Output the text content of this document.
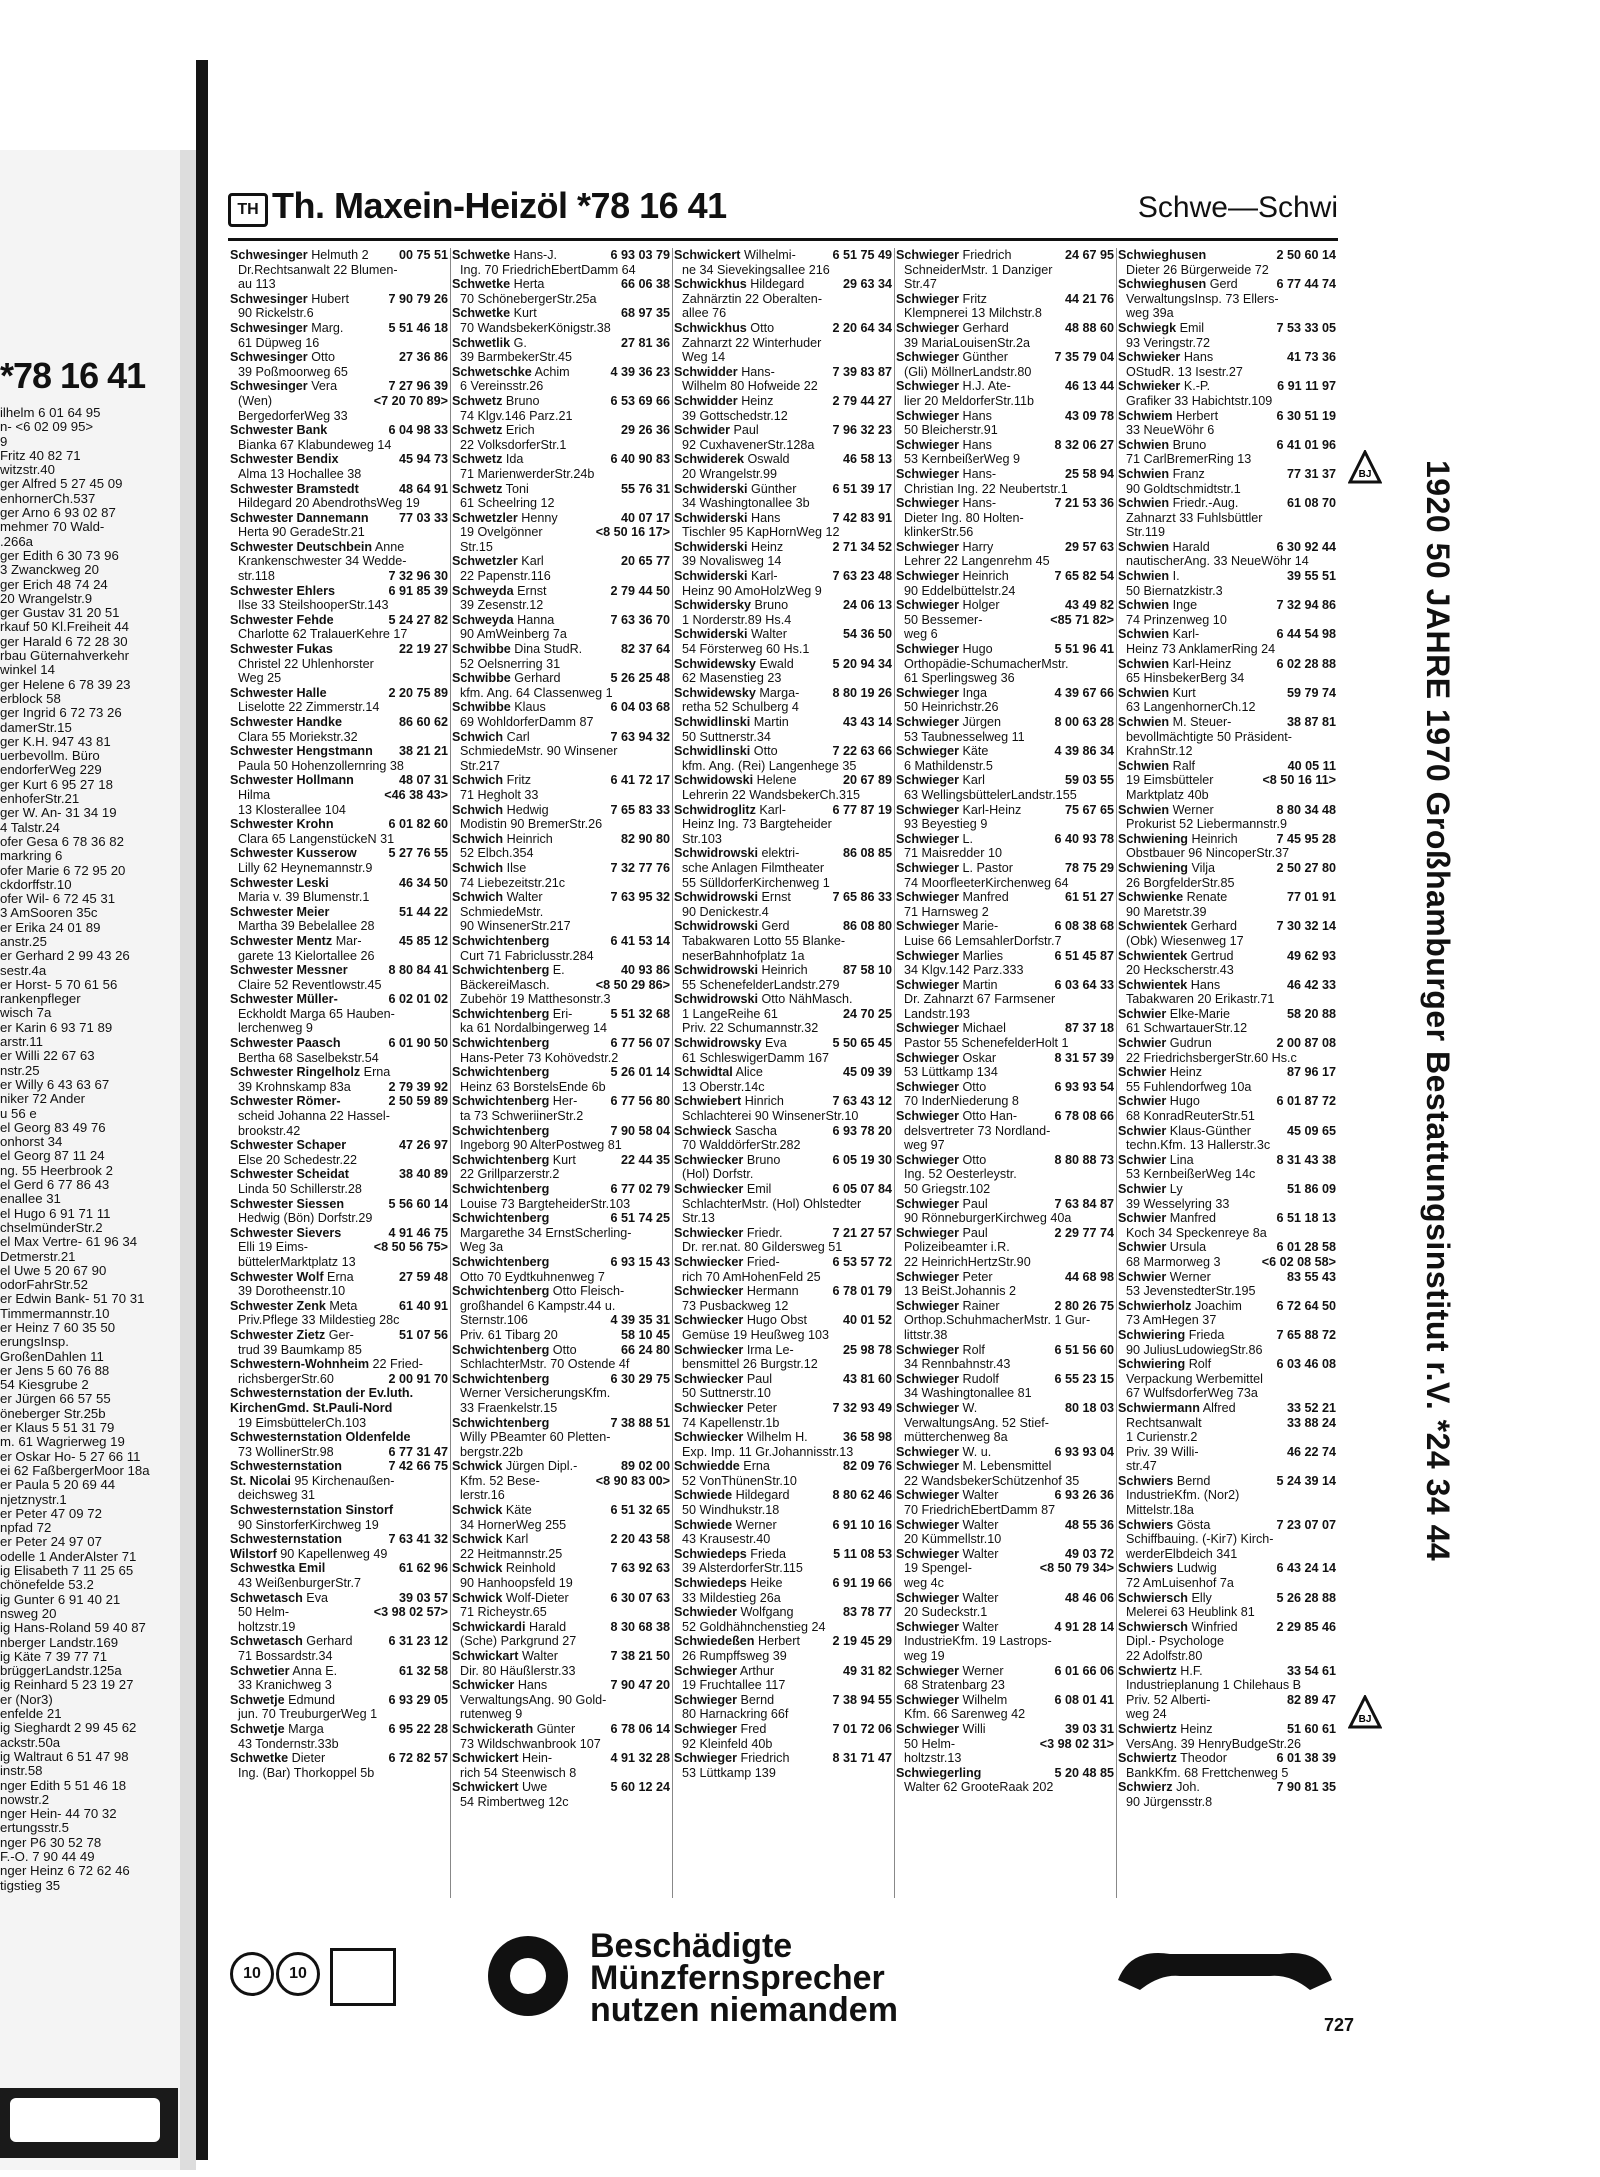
*78 16 41
ilhelm 6 01 64 95
n- <6 02 09 95>
9
Fritz 40 82 71
witzstr.40
ger Alfred 5 27 45 09
enhornerCh.537
ger Arno 6 93 02 87
mehmer 70 Wald-
.266a
ger Edith 6 30 73 96
3 Zwanckweg 20
ger Erich 48 74 24
20 Wrangelstr.9
ger Gustav 31 20 51
rkauf 50 Kl.Freiheit 44
ger Harald 6 72 28 30
rbau Güternahverkehr
winkel 14
ger Helene 6 78 39 23
erblock 58
ger Ingrid 6 72 73 26
damerStr.15
ger K.H. 947 43 81
uerbevollm. Büro
endorferWeg 229
ger Kurt 6 95 27 18
enhoferStr.21
ger W. An- 31 34 19
4 Talstr.24
ofer Gesa 6 78 36 82
markring 6
ofer Marie 6 72 95 20
ckdorffstr.10
ofer Wil- 6 72 45 31
3 AmSooren 35c
er Erika 24 01 89
anstr.25
er Gerhard 2 99 43 26
sestr.4a
er Horst- 5 70 61 56
rankenpfleger
wisch 7a
er Karin 6 93 71 89
arstr.11
er Willi 22 67 63
nstr.25
er Willy 6 43 63 67
niker 72 Ander
u 56 e
el Georg 83 49 76
onhorst 34
el Georg 87 11 24
ng. 55 Heerbrook 2
el Gerd 6 77 86 43
enallee 31
el Hugo 6 91 71 11
chselmünderStr.2
el Max Vertre- 61 96 34
Detmerstr.21
el Uwe 5 20 67 90
odorFahrStr.52
er Edwin Bank- 51 70 31
Timmermannstr.10
er Heinz 7 60 35 50
erungsInsp.
GroßenDahlen 11
er Jens 5 60 76 88
54 Kiesgrube 2
er Jürgen 66 57 55
öneberger Str.25b
er Klaus 5 51 31 79
m. 61 Wagrierweg 19
er Oskar Ho- 5 27 66 11
ei 62 FaßbergerMoor 18a
er Paula 5 20 69 44
njetznystr.1
er Peter 47 09 72
npfad 72
er Peter 24 97 07
odelle 1 AnderAlster 71
ig Elisabeth 7 11 25 65
chönefelde 53.2
ig Gunter 6 91 40 21
nsweg 20
ig Hans-Roland 59 40 87
nberger Landstr.169
ig Käte 7 39 77 71
brüggerLandstr.125a
ig Reinhard 5 23 19 27
er (Nor3)
enfelde 21
ig Sieghardt 2 99 45 62
ackstr.50a
ig Waltraut 6 51 47 98
instr.58
nger Edith 5 51 46 18
nowstr.2
nger Hein- 44 70 32
ertungsstr.5
nger P6 30 52 78
F.-O. 7 90 44 49
nger Heinz 6 72 62 46
tigstieg 35
TH Th. Maxein-Heizöl *78 16 41	Schwe—Schwi
Schwesinger Helmuth 2 00 75 51
Dr.Rechtsanwalt 22 Blumen-
au 113
Schwesinger Hubert	7 90 79 26
90 Rickelstr.6
Schwesinger Marg.	5 51 46 18
61 Düpweg 16
Schwesinger Otto	27 36 86
39 Poßmoorweg 65
Schwesinger Vera	7 27 96 39
(Wen)	<7 20 70 89>
BergedorferWeg 33
Schwester Bank	6 04 98 33
Bianka 67 Klabundeweg 14
Schwester Bendix	45 94 73
Alma 13 Hochallee 38
Schwester Bramstedt	48 64 91
Hildegard 20 AbendrothsWeg 19
Schwester Dannemann 77 03 33
Herta 90 GeradeStr.21
Schwester Deutschbein Anne
Krankenschwester 34 Wedde-
str.118	7 32 96 30
Schwester Ehlers	6 91 85 39
Ilse 33 SteilshooperStr.143
Schwester Fehde	5 24 27 82
Charlotte 62 TralauerKehre 17
Schwester Fukas	22 19 27
Christel 22 Uhlenhorster
Weg 25
Schwester Halle	2 20 75 89
Liselotte 22 Zimmerstr.14
Schwester Handke	86 60 62
Clara 55 Moriekstr.32
Schwester Hengstmann 38 21 21
Paula 50 Hohenzollernring 38
Schwester Hollmann	48 07 31
Hilma	<46 38 43>
13 Klosterallee 104
Schwester Krohn	6 01 82 60
Clara 65 LangenstückeN 31
Schwester Kusserow	5 27 76 55
Lilly 62 Heynemannstr.9
Schwester Leski	46 34 50
Maria v. 39 Blumenstr.1
Schwester Meier	51 44 22
Martha 39 Bebelallee 28
Schwester Mentz Mar-	45 85 12
garete 13 Kielortallee 26
Schwester Messner	8 80 84 41
Claire 52 Reventlowstr.45
Schwester Müller-	6 02 01 02
Eckholdt Marga 65 Hauben-
lerchenweg 9
Schwester Paasch	6 01 90 50
Bertha 68 Saselbekstr.54
Schwester Ringelholz Erna
39 Krohnskamp 83a	2 79 39 92
Schwester Römer-	2 50 59 89
scheid Johanna 22 Hassel-
brookstr.42
Schwester Schaper	47 26 97
Else 20 Schedestr.22
Schwester Scheidat	38 40 89
Linda 50 Schillerstr.28
Schwester Siessen	5 56 60 14
Hedwig (Bön) Dorfstr.29
Schwester Sievers	4 91 46 75
Elli 19 Eims-	<8 50 56 75>
büttelerMarktplatz 13
Schwester Wolf Erna	27 59 48
39 Dorotheenstr.10
Schwester Zenk Meta	61 40 91
Priv.Pflege 33 Mildestieg 28c
Schwester Zietz Ger-	51 07 56
trud 39 Baumkamp 85
Schwestern-Wohnheim 22 Fried-
richsbergerStr.60	2 00 91 70
Schwesternstation der Ev.luth.
KirchenGmd. St.Pauli-Nord
19 EimsbüttelerCh.103
Schwesternstation Oldenfelde
73 WollinerStr.98	6 77 31 47
Schwesternstation	7 42 66 75
St. Nicolai 95 Kirchenaußen-
deichsweg 31
Schwesternstation Sinstorf
90 SinstorferKirchweg 19
Schwesternstation	7 63 41 32
Wilstorf 90 Kapellenweg 49
Schwestka Emil	61 62 96
43 WeißenburgerStr.7
Schwetasch Eva	39 03 57
50 Helm-	<3 98 02 57>
holtzstr.19
Schwetasch Gerhard	6 31 23 12
71 Bossardstr.34
Schwetier Anna E.	61 32 58
33 Kranichweg 3
Schwetje Edmund	6 93 29 05
jun. 70 TreuburgerWeg 1
Schwetje Marga	6 95 22 28
43 Tondernstr.33b
Schwetke Dieter	6 72 82 57
Ing. (Bar) Thorkoppel 5b
Schwetke Hans-J.	6 93 03 79
Ing. 70 FriedrichEbertDamm 64
Schwetke Herta	66 06 38
70 SchönebergerStr.25a
Schwetke Kurt	68 97 35
70 WandsbekerKönigstr.38
Schwetlik G.	27 81 36
39 BarmbekerStr.45
Schwetschke Achim	4 39 36 23
6 Vereinsstr.26
Schwetz Bruno	6 53 69 66
74 Klgv.146 Parz.21
Schwetz Erich	29 26 36
22 VolksdorferStr.1
Schwetz Ida	6 40 90 83
71 MarienwerderStr.24b
Schwetz Toni	55 76 31
61 Scheelring 12
Schwetzler Henny	40 07 17
19 Ovelgönner	<8 50 16 17>
Str.15
Schwetzler Karl	20 65 77
22 Papenstr.116
Schweyda Ernst	2 79 44 50
39 Zesenstr.12
Schweyda Hanna	7 63 36 70
90 AmWeinberg 7a
Schwibbe Dina StudR.	82 37 64
52 Oelsnerring 31
Schwibbe Gerhard	5 26 25 48
kfm. Ang. 64 Classenweg 1
Schwibbe Klaus	6 04 03 68
69 WohldorferDamm 87
Schwich Carl	7 63 94 32
SchmiedeMstr. 90 Winsener
Str.217
Schwich Fritz	6 41 72 17
71 Hegholt 33
Schwich Hedwig	7 65 83 33
Modistin 90 BremerStr.26
Schwich Heinrich	82 90 80
52 Elbch.354
Schwich Ilse	7 32 77 76
74 Liebezeitstr.21c
Schwich Walter	7 63 95 32
SchmiedeMstr.
90 WinsenerStr.217
Schwichtenberg	6 41 53 14
Curt 71 Fabriclusstr.284
Schwichtenberg E.	40 93 86
BäckereiMasch.	<8 50 29 86>
Zubehör 19 Matthesonstr.3
Schwichtenberg Eri-	5 51 32 68
ka 61 Nordalbingerweg 14
Schwichtenberg	6 77 56 07
Hans-Peter 73 Kohövedstr.2
Schwichtenberg	5 26 01 14
Heinz 63 BorstelsEnde 6b
Schwichtenberg Her-	6 77 56 80
ta 73 SchweriinerStr.2
Schwichtenberg	7 90 58 04
Ingeborg 90 AlterPostweg 81
Schwichtenberg Kurt	22 44 35
22 Grillparzerstr.2
Schwichtenberg	6 77 02 79
Louise 73 BargteheiderStr.103
Schwichtenberg	6 51 74 25
Margarethe 34 ErnstScherling-
Weg 3a
Schwichtenberg	6 93 15 43
Otto 70 Eydtkuhnenweg 7
Schwichtenberg Otto Fleisch-
großhandel 6 Kampstr.44 u.
Sternstr.106	4 39 35 31
Priv. 61 Tibarg 20	58 10 45
Schwichtenberg Otto	66 24 80
SchlachterMstr. 70 Ostende 4f
Schwichtenberg	6 30 29 75
Werner VersicherungsKfm.
33 Fraenkelstr.15
Schwichtenberg	7 38 88 51
Willy PBeamter 60 Pletten-
bergstr.22b
Schwick Jürgen Dipl.-	89 02 00
Kfm. 52 Bese-	<8 90 83 00>
lerstr.16
Schwick Käte	6 51 32 65
34 HornerWeg 255
Schwick Karl	2 20 43 58
22 Heitmannstr.25
Schwick Reinhold	7 63 92 63
90 Hanhoopsfeld 19
Schwick Wolf-Dieter	6 30 07 63
71 Richeystr.65
Schwickardi Harald	8 30 68 38
(Sche) Parkgrund 27
Schwickart Walter	7 38 21 50
Dir. 80 Häußlerstr.33
Schwicker Hans	7 90 47 20
VerwaltungsAng. 90 Gold-
rutenweg 9
Schwickerath Günter	6 78 06 14
73 Wildschwanbrook 107
Schwickert Hein-	4 91 32 28
rich 54 Steenwisch 8
Schwickert Uwe	5 60 12 24
54 Rimbertweg 12c
Schwickert Wilhelmi-	6 51 75 49
ne 34 SievekingsalIee 216
Schwickhus Hildegard	29 63 34
Zahnärztin 22 Oberalten-
allee 76
Schwickhus Otto	2 20 64 34
Zahnarzt 22 Winterhuder
Weg 14
Schwidder Hans-	7 39 83 87
Wilhelm 80 Hofweide 22
Schwidder Heinz	2 79 44 27
39 Gottschedstr.12
Schwider Paul	7 96 32 23
92 CuxhavenerStr.128a
Schwiderek Oswald	46 58 13
20 Wrangelstr.99
Schwiderski Günther	6 51 39 17
34 Washingtonallee 3b
Schwiderski Hans	7 42 83 91
Tischler 95 KapHornWeg 12
Schwiderski Heinz	2 71 34 52
39 Novalisweg 14
Schwiderski Karl-	7 63 23 48
Heinz 90 AmoHolzWeg 9
Schwidersky Bruno	24 06 13
1 Norderstr.89 Hs.4
Schwiderski Walter	54 36 50
54 Försterweg 60 Hs.1
Schwidewsky Ewald	5 20 94 34
62 Masenstieg 23
Schwidewsky Marga-	8 80 19 26
retha 52 Schulberg 4
Schwidlinski Martin	43 43 14
50 Suttnerstr.34
Schwidlinski Otto	7 22 63 66
kfm. Ang. (Rei) Langenhege 35
Schwidowski Helene	20 67 89
Lehrerin 22 WandsbekerCh.315
Schwidroglitz Karl-	6 77 87 19
Heinz Ing. 73 Bargteheider
Str.103
Schwidrowski elektri-	86 08 85
sche Anlagen Filmtheater
55 SülldorferKirchenweg 1
Schwidrowski Ernst	7 65 86 33
90 Denickestr.4
Schwidrowski Gerd	86 08 80
Tabakwaren Lotto 55 Blanke-
neserBahnhofplatz 1a
Schwidrowski Heinrich	87 58 10
55 SchenefelderLandstr.279
Schwidrowski Otto NähMasch.
1 LangeReihe 61	24 70 25
Priv. 22 Schumannstr.32
Schwidrowsky Eva	5 50 65 45
61 SchleswigerDamm 167
Schwidtal Alice	45 09 39
13 Oberstr.14c
Schwiebert Hinrich	7 63 43 12
Schlachterei 90 WinsenerStr.10
Schwieck Sascha	6 93 78 20
70 WalddörferStr.282
Schwiecker Bruno	6 05 19 30
(Hol) Dorfstr.
Schwiecker Emil	6 05 07 84
SchlachterMstr. (Hol) Ohlstedter
Str.13
Schwiecker Friedr.	7 21 27 57
Dr. rer.nat. 80 Gildersweg 51
Schwiecker Fried-	6 53 57 72
rich 70 AmHohenFeld 25
Schwiecker Hermann	6 78 01 79
73 Pusbackweg 12
Schwiecker Hugo Obst	40 01 52
Gemüse 19 Heußweg 103
Schwiecker Irma Le-	25 98 78
bensmittel 26 Burgstr.12
Schwiecker Paul	43 81 60
50 Suttnerstr.10
Schwiecker Peter	7 32 93 49
74 Kapellenstr.1b
Schwiecker Wilhelm H.	36 58 98
Exp. Imp. 11 Gr.Johannisstr.13
Schwiedde Erna	82 09 76
52 VonThünenStr.10
Schwiede Hildegard	8 80 62 46
50 Windhukstr.18
Schwiede Werner	6 91 10 16
43 Krausestr.40
Schwiedeps Frieda	5 11 08 53
39 AlsterdorferStr.115
Schwiedeps Heike	6 91 19 66
33 Mildestieg 26a
Schwieder Wolfgang	83 78 77
52 Goldhähnchenstieg 24
Schwiedeßen Herbert	2 19 45 29
26 Rumpffsweg 39
Schwieger Arthur	49 31 82
19 Fruchtallee 117
Schwieger Bernd	7 38 94 55
80 Harnackring 66f
Schwieger Fred	7 01 72 06
92 Kleinfeld 40b
Schwieger Friedrich	8 31 71 47
53 Lüttkamp 139
Schwieger Friedrich	24 67 95
SchneiderMstr. 1 Danziger
Str.47
Schwieger Fritz	44 21 76
Klempnerei 13 Milchstr.8
Schwieger Gerhard	48 88 60
39 MariaLouisenStr.2a
Schwieger Günther	7 35 79 04
(Gli) MöllnerLandstr.80
Schwieger H.J. Ate-	46 13 44
lier 20 MeldorferStr.11b
Schwieger Hans	43 09 78
50 Bleicherstr.91
Schwieger Hans	8 32 06 27
53 KernbeißerWeg 9
Schwieger Hans-	25 58 94
Christian Ing. 22 Neubertstr.1
Schwieger Hans-	7 21 53 36
Dieter Ing. 80 Holten-
klinkerStr.56
Schwieger Harry	29 57 63
Lehrer 22 Langenrehm 45
Schwieger Heinrich	7 65 82 54
90 Eddelbüttelstr.24
Schwieger Holger	43 49 82
50 Bessemer-	<85 71 82>
weg 6
Schwieger Hugo	5 51 96 41
Orthopädie-SchumacherMstr.
61 Sperlingsweg 36
Schwieger Inga	4 39 67 66
50 Heinrichstr.26
Schwieger Jürgen	8 00 63 28
53 Taubnesselweg 11
Schwieger Käte	4 39 86 34
6 Mathildenstr.5
Schwieger Karl	59 03 55
63 WellingsbüttelerLandstr.155
Schwieger Karl-Heinz	75 67 65
93 Beyestieg 9
Schwieger L.	6 40 93 78
71 Maisredder 10
Schwieger L. Pastor	78 75 29
74 MoorfleeterKirchenweg 64
Schwieger Manfred	61 51 27
71 Harnsweg 2
Schwieger Marie-	6 08 38 68
Luise 66 LemsahlerDorfstr.7
Schwieger Marlies	6 51 45 87
34 Klgv.142 Parz.333
Schwieger Martin	6 03 64 33
Dr. Zahnarzt 67 Farmsener
Landstr.193
Schwieger Michael	87 37 18
Pastor 55 SchenefelderHolt 1
Schwieger Oskar	8 31 57 39
53 Lüttkamp 134
Schwieger Otto	6 93 93 54
70 InderNiederung 8
Schwieger Otto Han-	6 78 08 66
delsvertreter 73 Nordland-
weg 97
Schwieger Otto	8 80 88 73
Ing. 52 Oesterleystr.
50 Griegstr.102
Schwieger Paul	7 63 84 87
90 RönneburgerKirchweg 40a
Schwieger Paul	2 29 77 74
Polizeibeamter i.R.
22 HeinrichHertzStr.90
Schwieger Peter	44 68 98
13 BeiSt.Johannis 2
Schwieger Rainer	2 80 26 75
Orthop.SchuhmacherMstr. 1 Gur-
littstr.38
Schwieger Rolf	6 51 56 60
34 Rennbahnstr.43
Schwieger Rudolf	6 55 23 15
34 Washingtonallee 81
Schwieger W.	80 18 03
VerwaltungsAng. 52 Stief-
mütterchenweg 8a
Schwieger W. u.	6 93 93 04
Schwieger M. Lebensmittel
22 WandsbekerSchützenhof 35
Schwieger Walter	6 93 26 36
70 FriedrichEbertDamm 87
Schwieger Walter	48 55 36
20 Kümmellstr.10
Schwieger Walter	49 03 72
19 Spengel-	<8 50 79 34>
weg 4c
Schwieger Walter	48 46 06
20 Sudeckstr.1
Schwieger Walter	4 91 28 14
IndustrieKfm. 19 Lastrops-
weg 19
Schwieger Werner	6 01 66 06
68 Stratenbarg 23
Schwieger Wilhelm	6 08 01 41
Kfm. 66 Sarenweg 42
Schwieger Willi	39 03 31
50 Helm-	<3 98 02 31>
holtzstr.13
Schwiegerling	5 20 48 85
Walter 62 GrooteRaak 202
Schwieghusen	2 50 60 14
Dieter 26 Bürgerweide 72
Schwieghusen Gerd	6 77 44 74
VerwaltungsInsp. 73 Ellers-
weg 39a
Schwiegk Emil	7 53 33 05
93 Veringstr.72
Schwieker Hans	41 73 36
OStudR. 13 Isestr.27
Schwieker K.-P.	6 91 11 97
Grafiker 33 Habichtstr.109
Schwiem Herbert	6 30 51 19
33 NeueWöhr 6
Schwien Bruno	6 41 01 96
71 CarlBremerRing 13
Schwien Franz	77 31 37
90 Goldtschmidtstr.1
Schwien Friedr.-Aug.	61 08 70
Zahnarzt 33 Fuhlsbüttler
Str.119
Schwien Harald	6 30 92 44
nautischerAng. 33 NeueWöhr 14
Schwien I.	39 55 51
50 Biernatzkistr.3
Schwien Inge	7 32 94 86
74 Prinzenweg 10
Schwien Karl-	6 44 54 98
Heinz 73 AnklamerRing 24
Schwien Karl-Heinz	6 02 28 88
65 HinsbekerBerg 34
Schwien Kurt	59 79 74
63 LangenhornerCh.12
Schwien M. Steuer-	38 87 81
bevollmächtigte 50 Präsident-
KrahnStr.12
Schwien Ralf	40 05 11
19 Eimsbütteler	<8 50 16 11>
Marktplatz 40b
Schwien Werner	8 80 34 48
Prokurist 52 Liebermannstr.9
Schwiening Heinrich	7 45 95 28
Obstbauer 96 NincoperStr.37
Schwiening Vilja	2 50 27 80
26 BorgfelderStr.85
Schwienke Renate	77 01 91
90 Maretstr.39
Schwientek Gerhard	7 30 32 14
(Obk) Wiesenweg 17
Schwientek Gertrud	49 62 93
20 Heckscherstr.43
Schwientek Hans	46 42 33
Tabakwaren 20 Erikastr.71
Schwier Elke-Marie	58 20 88
61 SchwartauerStr.12
Schwier Gudrun	2 00 87 08
22 FriedrichsbergerStr.60 Hs.c
Schwier Heinz	87 96 17
55 Fuhlendorfweg 10a
Schwier Hugo	6 01 87 72
68 KonradReuterStr.51
Schwier Klaus-Günther	45 09 65
techn.Kfm. 13 Hallerstr.3c
Schwier Lina	8 31 43 38
53 KernbeißerWeg 14c
Schwier Ly	51 86 09
39 Wesselyring 33
Schwier Manfred	6 51 18 13
Koch 34 Speckenreye 8a
Schwier Ursula	6 01 28 58
68 Marmorweg 3	<6 02 08 58>
Schwier Werner	83 55 43
53 JevenstedterStr.195
Schwierholz Joachim	6 72 64 50
73 AmHegen 37
Schwiering Frieda	7 65 88 72
90 JuliusLudowiegStr.86
Schwiering Rolf	6 03 46 08
Verpackung Werbemittel
67 WulfsdorferWeg 73a
Schwiermann Alfred	33 52 21
Rechtsanwalt	33 88 24
1 Curienstr.2
Priv. 39 Willi-	46 22 74
str.47
Schwiers Bernd	5 24 39 14
IndustrieKfm. (Nor2)
Mittelstr.18a
Schwiers Gösta	7 23 07 07
Schiffbauing. (-Kir7) Kirch-
werderElbdeich 341
Schwiers Ludwig	6 43 24 14
72 AmLuisenhof 7a
Schwiersch Elly	5 26 28 88
Melerei 63 Heublink 81
Schwiersch Winfried	2 29 85 46
Dipl.- Psychologe
22 Adolfstr.80
Schwiertz H.F.	33 54 61
Industrieplanung 1 Chilehaus B
Priv. 52 Alberti-	82 89 47
weg 24
Schwiertz Heinz	51 60 61
VersAng. 39 HenryBudgeStr.26
Schwiertz Theodor	6 01 38 39
BankKfm. 68 Frettchenweg 5
Schwierz Joh.	7 90 81 35
90 Jürgensstr.8
1920 50 JAHRE 1970 Großhamburger Bestattungsinstitut r.V. *24 34 44
BJ
BJ
10	10
Beschädigte
Münzfernsprecher
nutzen niemandem	727
